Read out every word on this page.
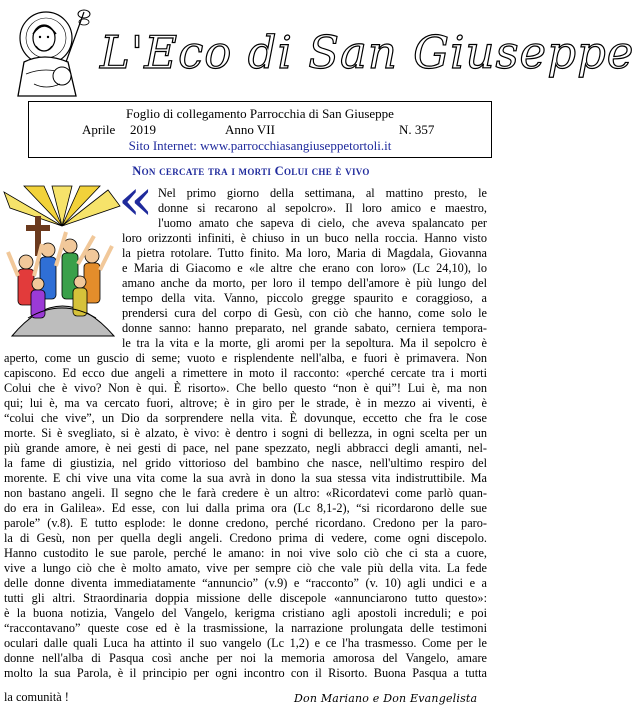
L'Eco di San Giuseppe
Foglio di collegamento Parrocchia di San Giuseppe
Aprile 2019	Anno VII	N. 357
Sito Internet: www.parrocchiasangiuseppetortoli.it
Non cercate tra i morti Colui che è vivo
« Nel primo giorno della settimana, al mattino presto, le
donne si recarono al sepolcro». Il loro amico e maestro,
l'uomo amato che sapeva di cielo, che aveva spalancato per
loro orizzonti infiniti, è chiuso in un buco nella roccia. Hanno visto
la pietra rotolare. Tutto finito. Ma loro, Maria di Magdala, Giovanna
e Maria di Giacomo e «le altre che erano con loro» (Lc 24,10), lo
amano anche da morto, per loro il tempo dell'amore è più lungo del
tempo della vita. Vanno, piccolo gregge spaurito e coraggioso, a
prendersi cura del corpo di Gesù, con ciò che hanno, come solo le
donne sanno: hanno preparato, nel grande sabato, cerniera tempora-
le tra la vita e la morte, gli aromi per la sepoltura. Ma il sepolcro è
aperto, come un guscio di seme; vuoto e risplendente nell'alba, e fuori è primavera. Non
capiscono. Ed ecco due angeli a rimettere in moto il racconto: «perché cercate tra i morti
Colui che è vivo? Non è qui. È risorto». Che bello questo “non è qui”! Lui è, ma non
qui; lui è, ma va cercato fuori, altrove; è in giro per le strade, è in mezzo ai viventi, è
“colui che vive”, un Dio da sorprendere nella vita. È dovunque, eccetto che fra le cose
morte. Si è svegliato, si è alzato, è vivo: è dentro i sogni di bellezza, in ogni scelta per un
più grande amore, è nei gesti di pace, nel pane spezzato, negli abbracci degli amanti, nel-
la fame di giustizia, nel grido vittorioso del bambino che nasce, nell'ultimo respiro del
morente. E chi vive una vita come la sua avrà in dono la sua stessa vita indistruttibile. Ma
non bastano angeli. Il segno che le farà credere è un altro: «Ricordatevi come parlò quan-
do era in Galilea». Ed esse, con lui dalla prima ora (Lc 8,1-2), “si ricordarono delle sue
parole” (v.8). E tutto esplode: le donne credono, perché ricordano. Credono per la paro-
la di Gesù, non per quella degli angeli. Credono prima di vedere, come ogni discepolo.
Hanno custodito le sue parole, perché le amano: in noi vive solo ciò che ci sta a cuore,
vive a lungo ciò che è molto amato, vive per sempre ciò che vale più della vita. La fede
delle donne diventa immediatamente “annuncio” (v.9) e “racconto” (v. 10) agli undici e a
tutti gli altri. Straordinaria doppia missione delle discepole «annunciarono tutto questo»:
è la buona notizia, Vangelo del Vangelo, kerigma cristiano agli apostoli increduli; e poi
“raccontavano” queste cose ed è la trasmissione, la narrazione prolungata delle testimoni
oculari dalle quali Luca ha attinto il suo vangelo (Lc 1,2) e ce l'ha trasmesso. Come per le
donne nell'alba di Pasqua così anche per noi la memoria amorosa del Vangelo, amare
molto la sua Parola, è il principio per ogni incontro con il Risorto. Buona Pasqua a tutta
la comunità !	Don Mariano e Don Evangelista
